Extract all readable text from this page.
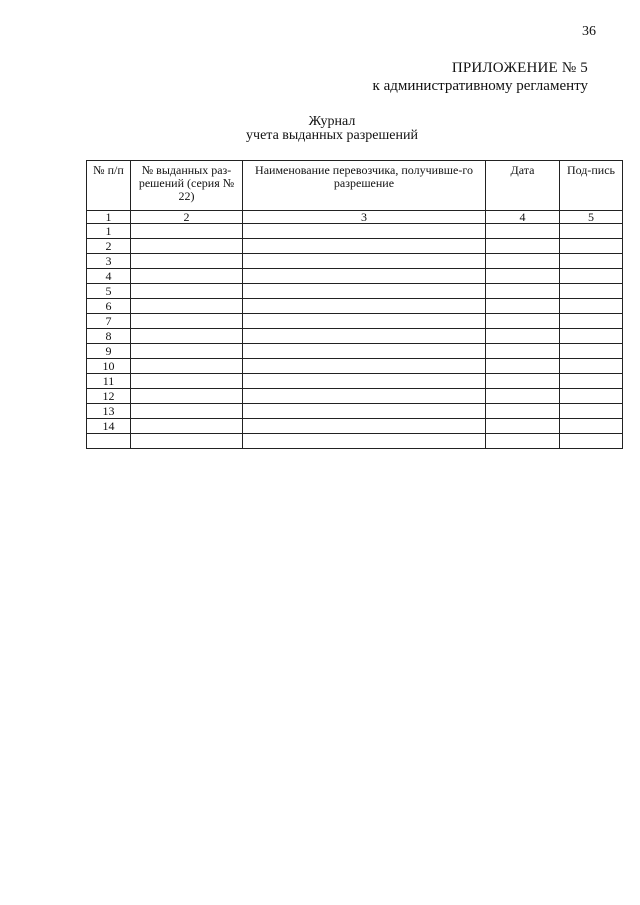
36
ПРИЛОЖЕНИЕ № 5
к административному регламенту
Журнал
учета выданных разрешений
№ п/п	№ выданных раз-решений (серия № 22)	Наименование перевозчика, получивше-го разрешение	Дата	Под-пись
1	2	3	4	5
1				
2				
3				
4				
5				
6				
7				
8				
9				
10				
11				
12				
13				
14				
